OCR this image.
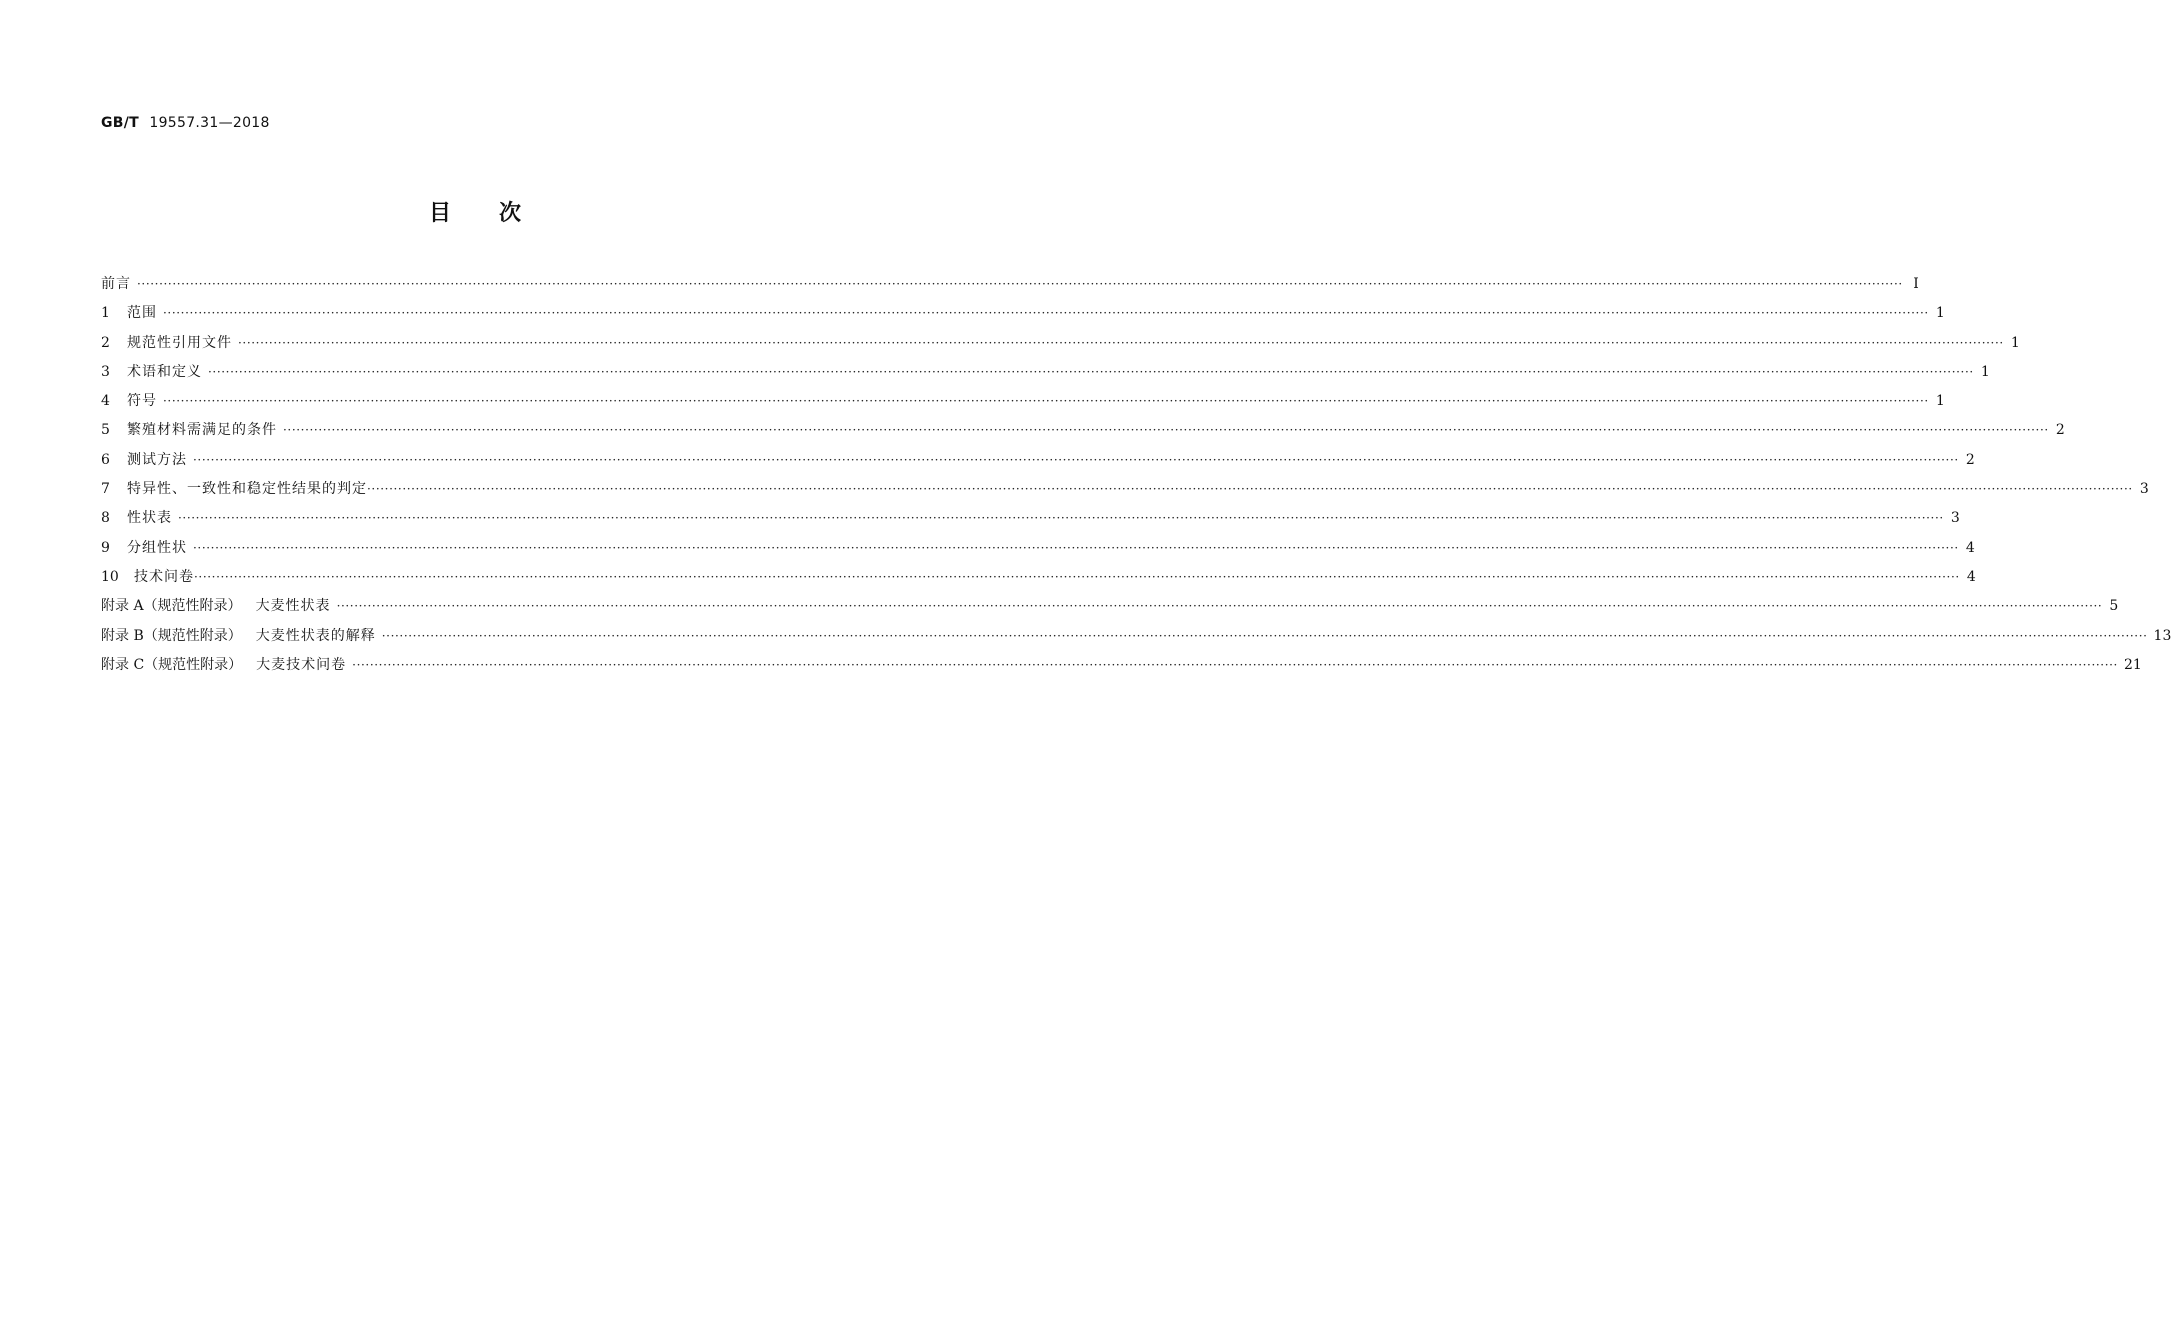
GB/T 19557.31—2018
目次
前言 ················································································································································································································································································································································································································ Ⅰ
1	范围 ················································································································································································································································································································································································································ 1
2	规范性引用文件 ················································································································································································································································································································································································································ 1
3	术语和定义 ················································································································································································································································································································································································································ 1
4	符号 ················································································································································································································································································································································································································ 1
5	繁殖材料需满足的条件 ················································································································································································································································································································································································································ 2
6	测试方法 ················································································································································································································································································································································································································ 2
7	特异性、一致性和稳定性结果的判定 ················································································································································································································································································································································································································ 3
8	性状表 ················································································································································································································································································································································································································ 3
9	分组性状 ················································································································································································································································································································································································································ 4
10	技术问卷 ················································································································································································································································································································································································································ 4
附录 A（规范性附录） 大麦性状表 ················································································································································································································································································································································································································ 5
附录 B（规范性附录） 大麦性状表的解释 ················································································································································································································································································································································································································ 13
附录 C（规范性附录） 大麦技术问卷 ················································································································································································································································································································································································································ 21
